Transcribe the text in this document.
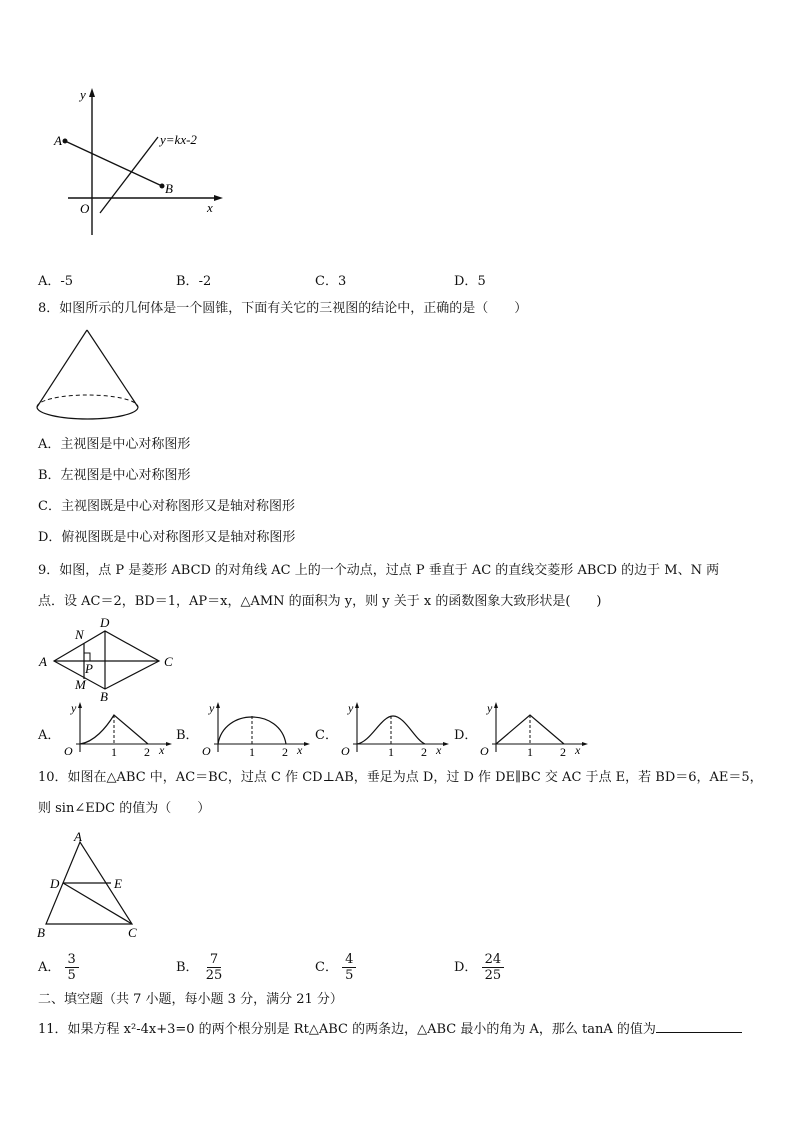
y
x
O
A
B
y=kx-2
A．-5	B．-2	C．3	D．5
8．如图所示的几何体是一个圆锥，下面有关它的三视图的结论中，正确的是（　　）
A．主视图是中心对称图形
B．左视图是中心对称图形
C．主视图既是中心对称图形又是轴对称图形
D．俯视图既是中心对称图形又是轴对称图形
9．如图，点 P 是菱形 ABCD 的对角线 AC 上的一个动点，过点 P 垂直于 AC 的直线交菱形 ABCD 的边于 M、N 两
点．设 AC＝2，BD＝1，AP＝x，△AMN 的面积为 y，则 y 关于 x 的函数图象大致形状是(　　)
A
D
C
B
N
M
P
A．
y
O	1 2 x
B．
y
O	1 2 x
C．
y
O	1 2 x
D．
y
O	1 2 x
10．如图在△ABC 中，AC＝BC，过点 C 作 CD⊥AB，垂足为点 D，过 D 作 DE∥BC 交 AC 于点 E，若 BD＝6，AE＝5，
则 sin∠EDC 的值为（　　）
A
D	E
B	C
A． $\frac{3}{5}$	B． $\frac{7}{25}$	C． $\frac{4}{5}$	D． $\frac{24}{25}$
二、填空题（共 7 小题，每小题 3 分，满分 21 分）
11．如果方程 x²-4x+3=0 的两个根分别是 Rt△ABC 的两条边，△ABC 最小的角为 A，那么 tanA 的值为
